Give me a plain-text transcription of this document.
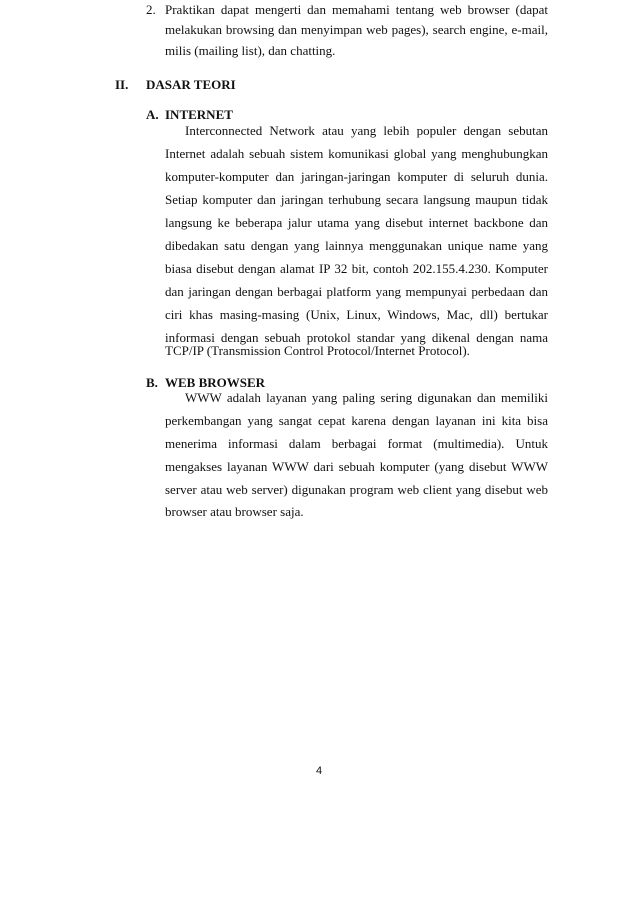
2. Praktikan dapat mengerti dan memahami tentang web browser (dapat
melakukan browsing dan menyimpan web pages), search engine, e-mail,
milis (mailing list), dan chatting.
II. DASAR TEORI
A. INTERNET
Interconnected Network atau yang lebih populer dengan sebutan
Internet adalah sebuah sistem komunikasi global yang menghubungkan
komputer-komputer dan jaringan-jaringan komputer di seluruh dunia.
Setiap komputer dan jaringan terhubung secara langsung maupun tidak
langsung ke beberapa jalur utama yang disebut internet backbone dan
dibedakan satu dengan yang lainnya menggunakan unique name yang
biasa disebut dengan alamat IP 32 bit, contoh 202.155.4.230. Komputer
dan jaringan dengan berbagai platform yang mempunyai perbedaan dan
ciri khas masing-masing (Unix, Linux, Windows, Mac, dll) bertukar
informasi dengan sebuah protokol standar yang dikenal dengan nama
TCP/IP (Transmission Control Protocol/Internet Protocol).
B. WEB BROWSER
WWW adalah layanan yang paling sering digunakan dan memiliki
perkembangan yang sangat cepat karena dengan layanan ini kita bisa
menerima informasi dalam berbagai format (multimedia). Untuk
mengakses layanan WWW dari sebuah komputer (yang disebut WWW
server atau web server) digunakan program web client yang disebut web
browser atau browser saja.
4
